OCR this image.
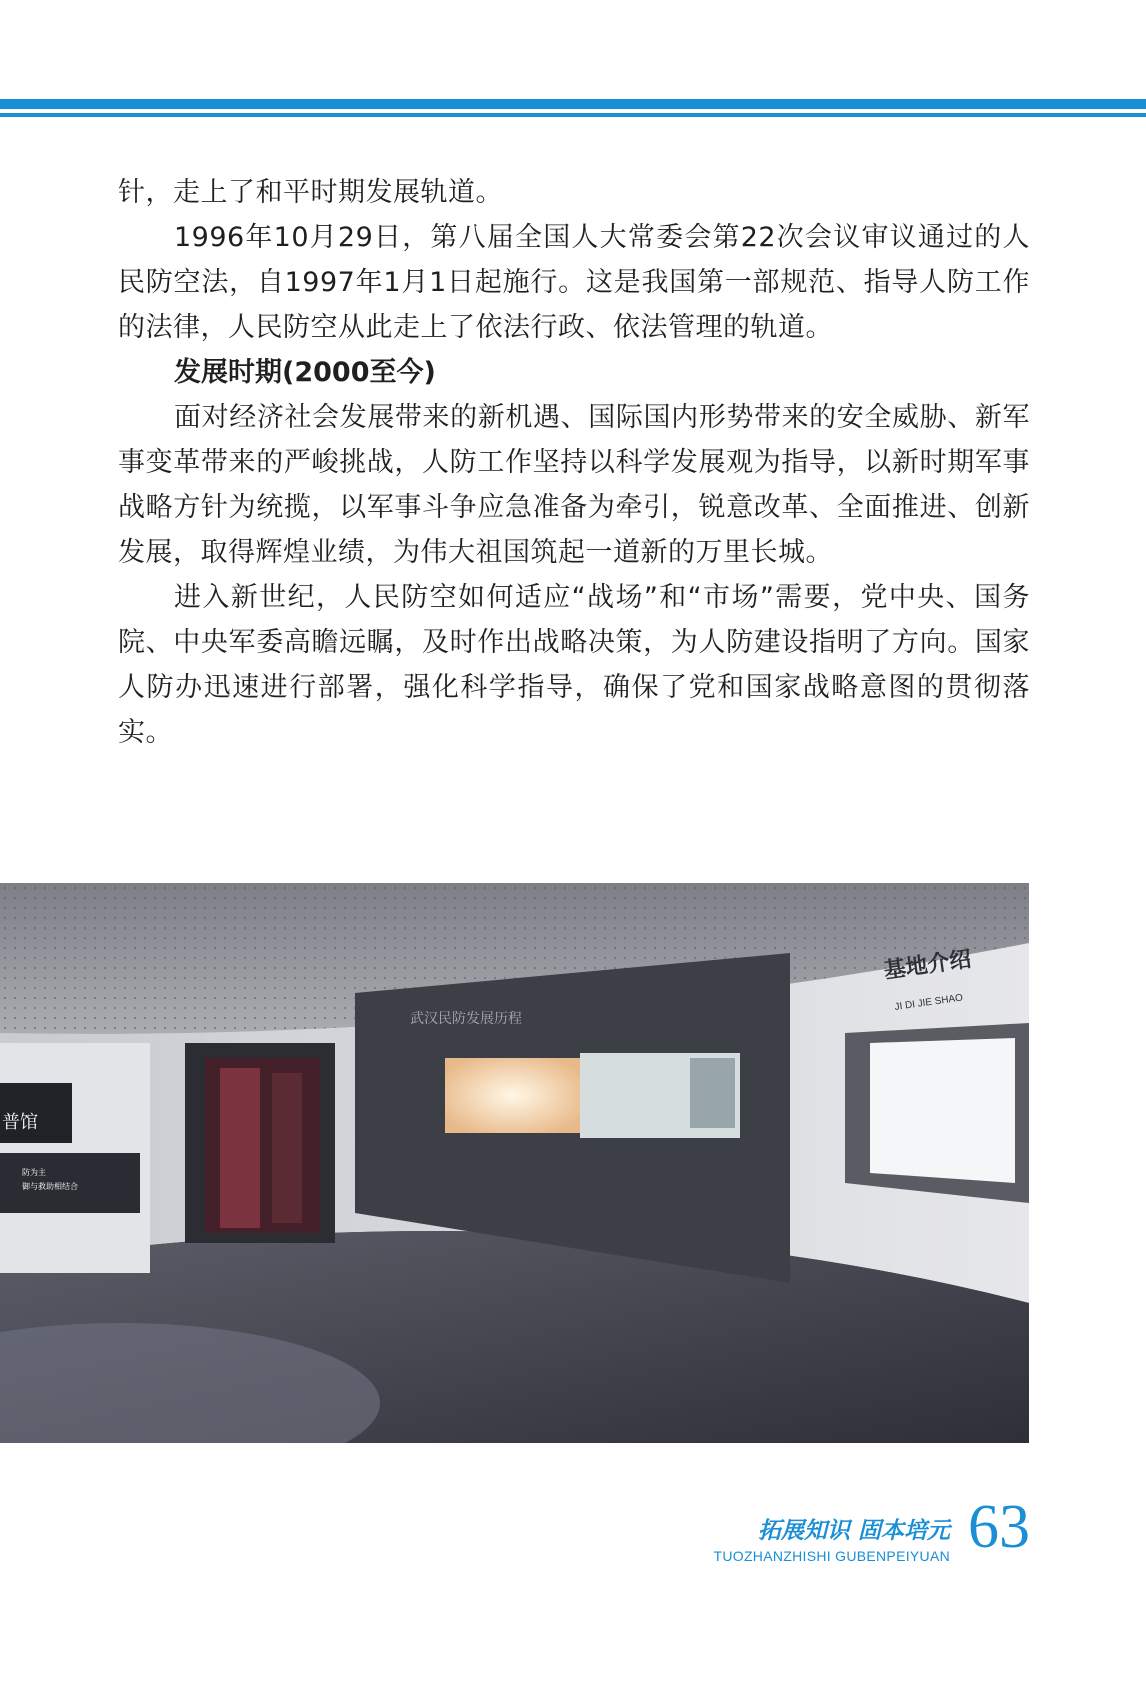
针，走上了和平时期发展轨道。

1996年10月29日，第八届全国人大常委会第22次会议审议通过的人民防空法，自1997年1月1日起施行。这是我国第一部规范、指导人防工作的法律，人民防空从此走上了依法行政、依法管理的轨道。

发展时期(2000至今)

面对经济社会发展带来的新机遇、国际国内形势带来的安全威胁、新军事变革带来的严峻挑战，人防工作坚持以科学发展观为指导，以新时期军事战略方针为统揽，以军事斗争应急准备为牵引，锐意改革、全面推进、创新发展，取得辉煌业绩，为伟大祖国筑起一道新的万里长城。

进入新世纪，人民防空如何适应“战场”和“市场”需要，党中央、国务院、中央军委高瞻远瞩，及时作出战略决策，为人防建设指明了方向。国家人防办迅速进行部署，强化科学指导，确保了党和国家战略意图的贯彻落实。

普馆
防为主
御与救助相结合
武汉民防发展历程
基地介绍
JI DI JIE SHAO
拓展知识 固本培元
TUOZHANZHISHI GUBENPEIYUAN 63
